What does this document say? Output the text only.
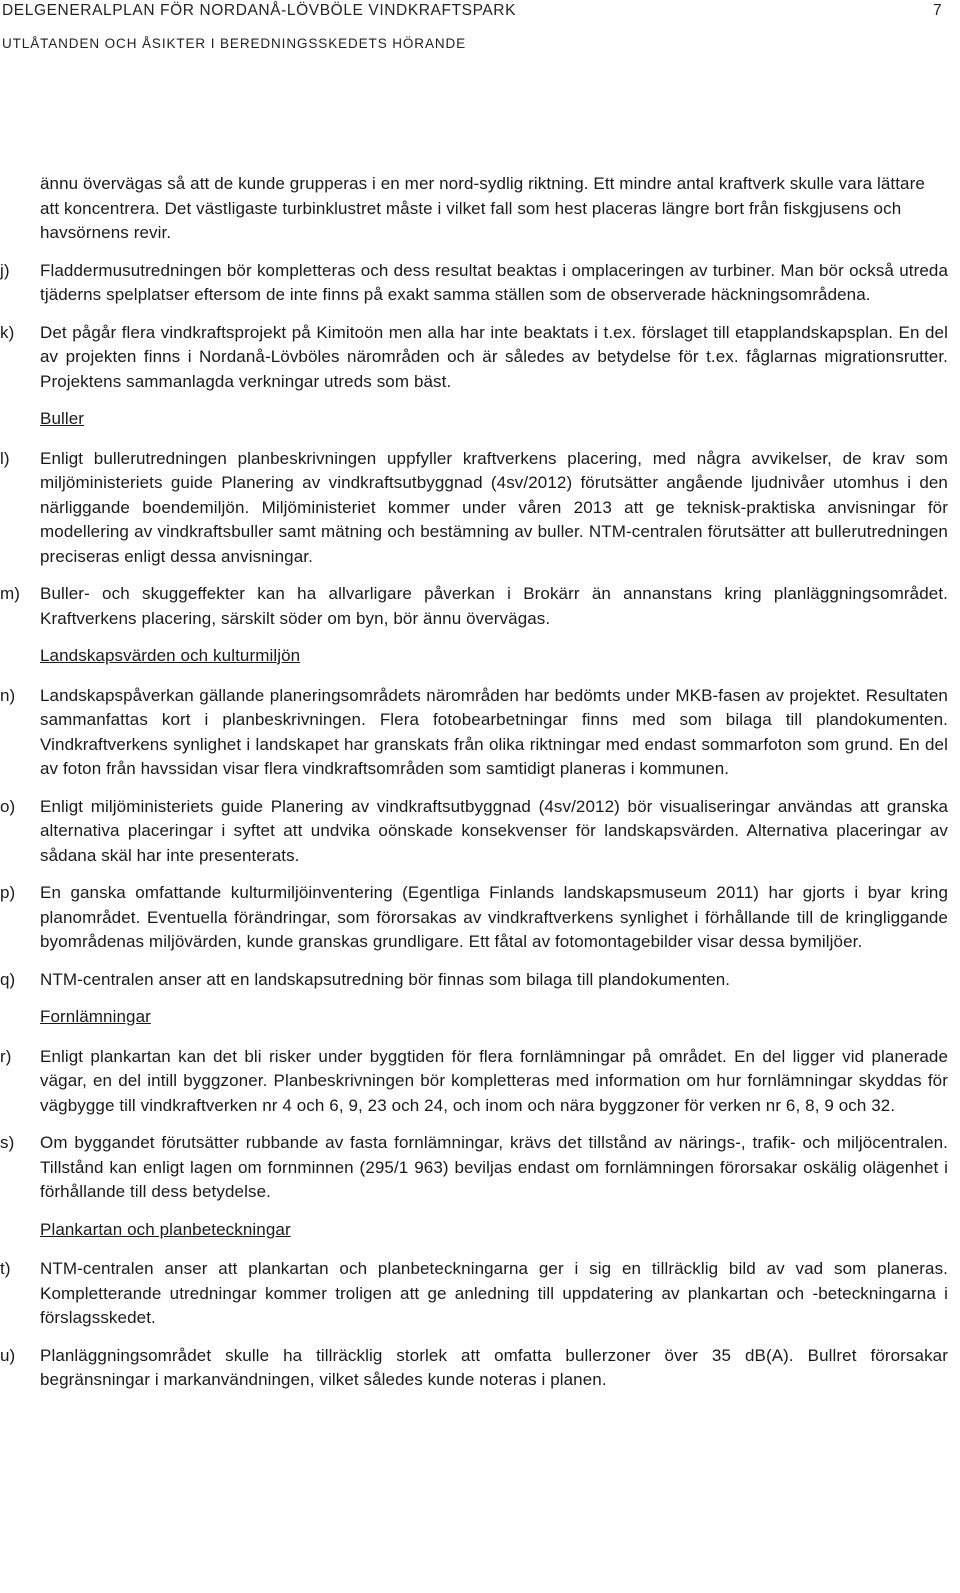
DELGENERALPLAN FÖR NORDANÅ-LÖVBÖLE VINDKRAFTSPARK	7
UTLÅTANDEN OCH ÅSIKTER I BEREDNINGSSKEDETS HÖRANDE
ännu övervägas så att de kunde grupperas i en mer nord-sydlig riktning. Ett mindre antal kraftverk skulle vara lättare att koncentrera. Det västligaste turbinklustret måste i vilket fall som hest placeras längre bort från fiskgjusens och havsörnens revir.
j)	Fladdermusutredningen bör kompletteras och dess resultat beaktas i omplaceringen av turbiner. Man bör också utreda tjäderns spelplatser eftersom de inte finns på exakt samma ställen som de observerade häckningsområdena.
k)	Det pågår flera vindkraftsprojekt på Kimitoön men alla har inte beaktats i t.ex. förslaget till etapplandskapsplan. En del av projekten finns i Nordanå-Lövböles närområden och är således av betydelse för t.ex. fåglarnas migrationsrutter. Projektens sammanlagda verkningar utreds som bäst.
Buller
l)	Enligt bullerutredningen planbeskrivningen uppfyller kraftverkens placering, med några avvikelser, de krav som miljöministeriets guide Planering av vindkraftsutbyggnad (4sv/2012) förutsätter angående ljudnivåer utomhus i den närliggande boendemiljön. Miljöministeriet kommer under våren 2013 att ge teknisk-praktiska anvisningar för modellering av vindkraftsbuller samt mätning och bestämning av buller. NTM-centralen förutsätter att bullerutredningen preciseras enligt dessa anvisningar.
m)	Buller- och skuggeffekter kan ha allvarligare påverkan i Brokärr än annanstans kring planläggningsområdet. Kraftverkens placering, särskilt söder om byn, bör ännu övervägas.
Landskapsvärden och kulturmiljön
n)	Landskapspåverkan gällande planeringsområdets närområden har bedömts under MKB-fasen av projektet. Resultaten sammanfattas kort i planbeskrivningen. Flera fotobearbetningar finns med som bilaga till plandokumenten. Vindkraftverkens synlighet i landskapet har granskats från olika riktningar med endast sommarfoton som grund. En del av foton från havssidan visar flera vindkraftsområden som samtidigt planeras i kommunen.
o)	Enligt miljöministeriets guide Planering av vindkraftsutbyggnad (4sv/2012) bör visualiseringar användas att granska alternativa placeringar i syftet att undvika oönskade konsekvenser för landskapsvärden. Alternativa placeringar av sådana skäl har inte presenterats.
p)	En ganska omfattande kulturmiljöinventering (Egentliga Finlands landskapsmuseum 2011) har gjorts i byar kring planområdet. Eventuella förändringar, som förorsakas av vindkraftverkens synlighet i förhållande till de kringliggande byområdenas miljövärden, kunde granskas grundligare. Ett fåtal av fotomontagebilder visar dessa bymiljöer.
q)	NTM-centralen anser att en landskapsutredning bör finnas som bilaga till plandokumenten.
Fornlämningar
r)	Enligt plankartan kan det bli risker under byggtiden för flera fornlämningar på området. En del ligger vid planerade vägar, en del intill byggzoner. Planbeskrivningen bör kompletteras med information om hur fornlämningar skyddas för vägbygge till vindkraftverken nr 4 och 6, 9, 23 och 24, och inom och nära byggzoner för verken nr 6, 8, 9 och 32.
s)	Om byggandet förutsätter rubbande av fasta fornlämningar, krävs det tillstånd av närings-, trafik- och miljöcentralen. Tillstånd kan enligt lagen om fornminnen (295/1 963) beviljas endast om fornlämningen förorsakar oskälig olägenhet i förhållande till dess betydelse.
Plankartan och planbeteckningar
t)	NTM-centralen anser att plankartan och planbeteckningarna ger i sig en tillräcklig bild av vad som planeras. Kompletterande utredningar kommer troligen att ge anledning till uppdatering av plankartan och -beteckningarna i förslagsskedet.
u)	Planläggningsområdet skulle ha tillräcklig storlek att omfatta bullerzoner över 35 dB(A). Bullret förorsakar begränsningar i markanvändningen, vilket således kunde noteras i planen.
